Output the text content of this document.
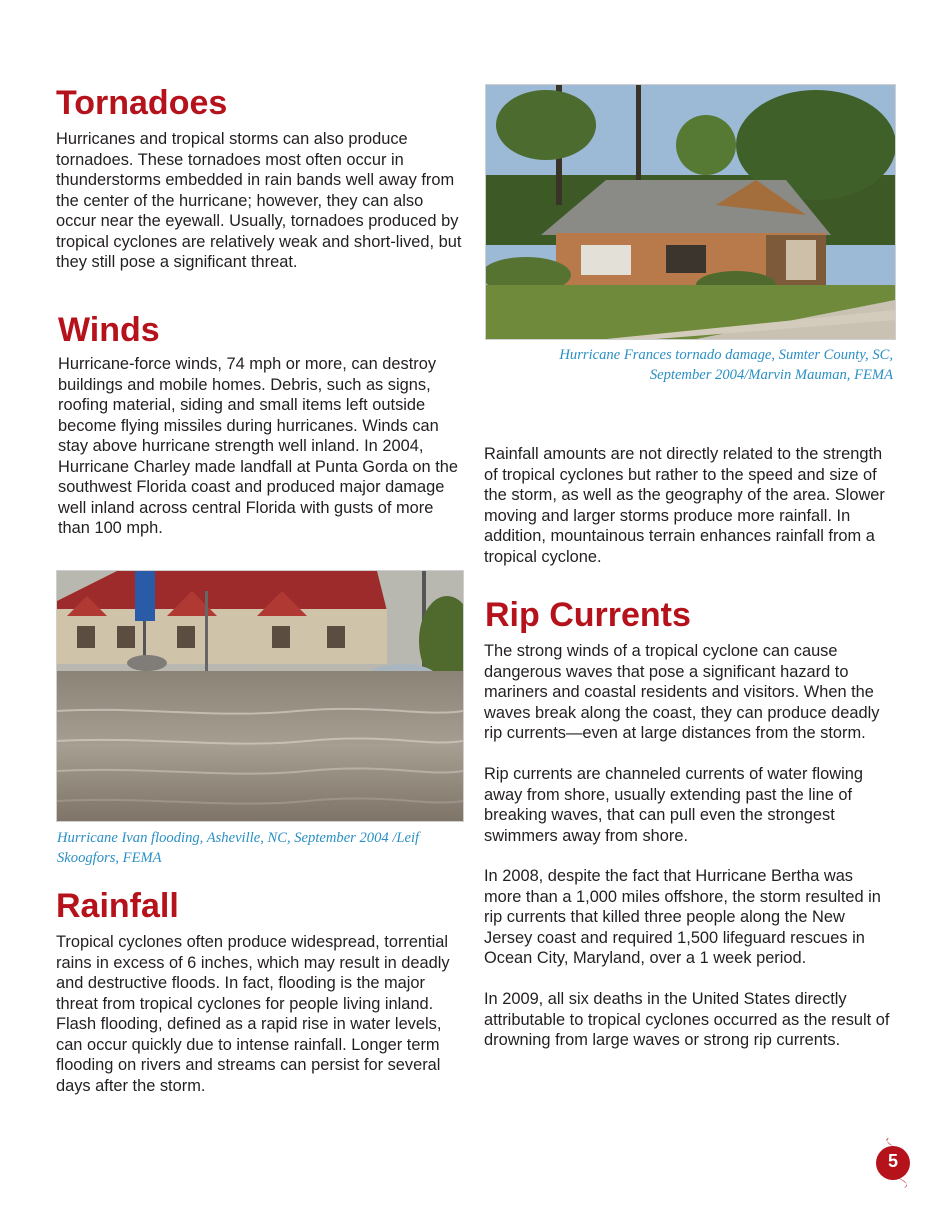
Tornadoes

Hurricanes and tropical storms can also produce tornadoes. These tornadoes most often occur in thunderstorms embedded in rain bands well away from the center of the hurricane; however, they can also occur near the eyewall. Usually, tornadoes produced by tropical cyclones are relatively weak and short-lived, but they still pose a significant threat.

Winds

Hurricane-force winds, 74 mph or more, can destroy buildings and mobile homes. Debris, such as signs, roofing material, siding and small items left outside become flying missiles during hurricanes. Winds can stay above hurricane strength well inland. In 2004, Hurricane Charley made landfall at Punta Gorda on the southwest Florida coast and produced major damage well inland across central Florida with gusts of more than 100 mph.

Hurricane Ivan flooding, Asheville, NC, September 2004 /Leif Skoogfors, FEMA

Rainfall

Tropical cyclones often produce widespread, torrential rains in excess of 6 inches, which may result in deadly and destructive floods. In fact, flooding is the major threat from tropical cyclones for people living inland. Flash flooding, defined as a rapid rise in water levels, can occur quickly due to intense rainfall. Longer term flooding on rivers and streams can persist for several days after the storm.

Hurricane Frances tornado damage, Sumter County, SC, September 2004/Marvin Mauman, FEMA

Rainfall amounts are not directly related to the strength of tropical cyclones but rather to the speed and size of the storm, as well as the geography of the area. Slower moving and larger storms produce more rainfall. In addition, mountainous terrain enhances rainfall from a tropical cyclone.

Rip Currents

The strong winds of a tropical cyclone can cause dangerous waves that pose a significant hazard to mariners and coastal residents and visitors. When the waves break along the coast, they can produce deadly rip currents—even at large distances from the storm.

Rip currents are channeled currents of water flowing away from shore, usually extending past the line of breaking waves, that can pull even the strongest swimmers away from shore.

In 2008, despite the fact that Hurricane Bertha was more than a 1,000 miles offshore, the storm resulted in rip currents that killed three people along the New Jersey coast and required 1,500 lifeguard rescues in Ocean City, Maryland, over a 1 week period.

In 2009, all six deaths in the United States directly attributable to tropical cyclones occurred as the result of drowning from large waves or strong rip currents.

5
